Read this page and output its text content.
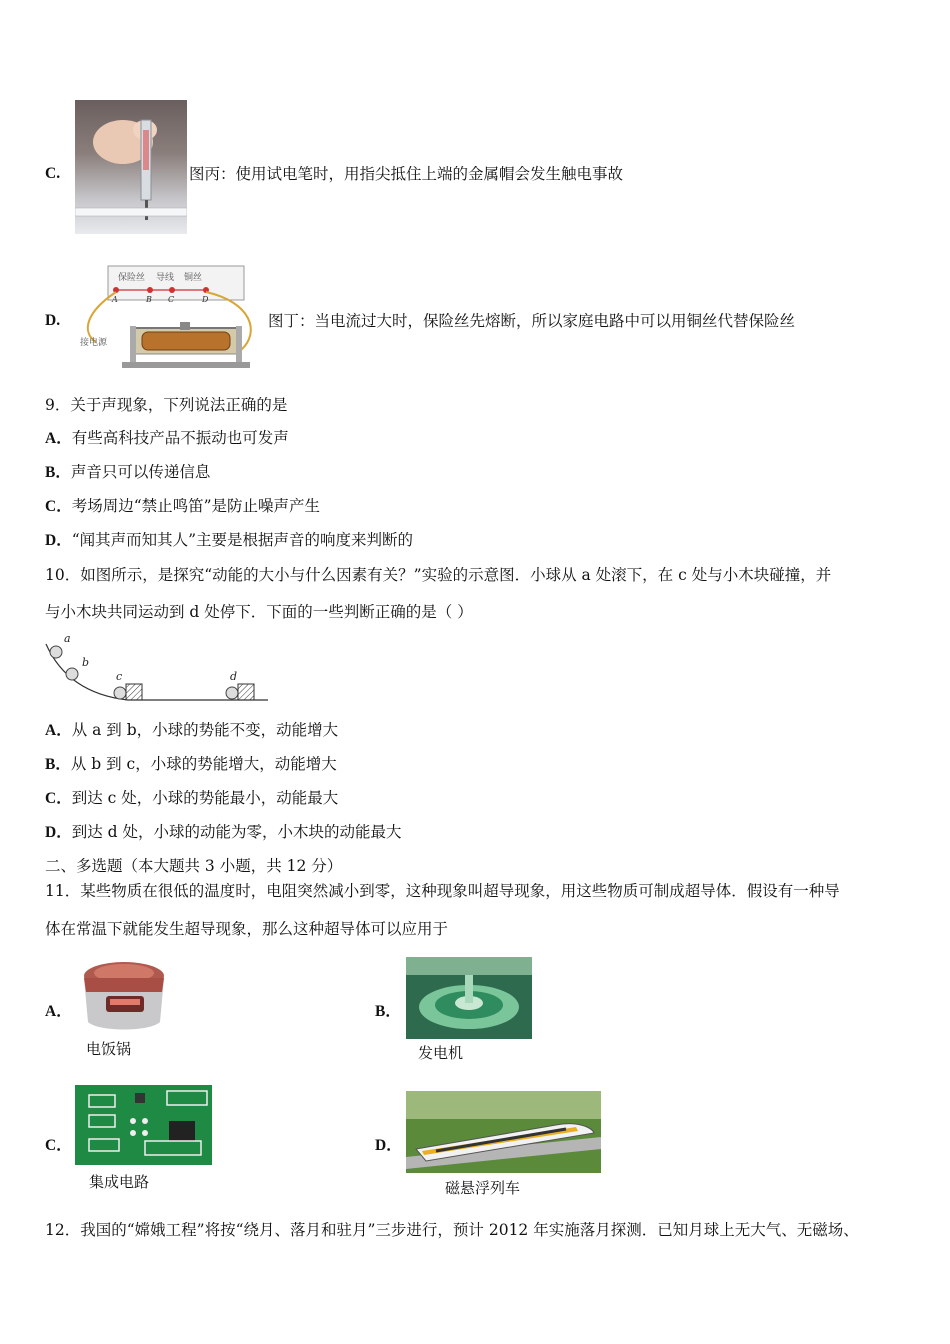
C.	图丙：使用试电笔时，用指尖抵住上端的金属帽会发生触电事故
D.
保险丝 导线 铜丝
A	B C	D
接电源
图丁：当电流过大时，保险丝先熔断，所以家庭电路中可以用铜丝代替保险丝
9．关于声现象，下列说法正确的是
A．有些高科技产品不振动也可发声
B．声音只可以传递信息
C．考场周边“禁止鸣笛”是防止噪声产生
D．“闻其声而知其人”主要是根据声音的响度来判断的
10．如图所示，是探究“动能的大小与什么因素有关？”实验的示意图．小球从 a 处滚下，在 c 处与小木块碰撞，并
与小木块共同运动到 d 处停下．下面的一些判断正确的是（ ）
a
b
c	d
A．从 a 到 b，小球的势能不变，动能增大
B．从 b 到 c，小球的势能增大，动能增大
C．到达 c 处，小球的势能最小，动能最大
D．到达 d 处，小球的动能为零，小木块的动能最大
二、多选题（本大题共 3 小题，共 12 分）
11．某些物质在很低的温度时，电阻突然减小到零，这种现象叫超导现象，用这些物质可制成超导体．假设有一种导
体在常温下就能发生超导现象，那么这种超导体可以应用于
A．
电饭锅
B．
发电机
C．
集成电路
D．
磁悬浮列车
12．我国的“嫦娥工程”将按“绕月、落月和驻月”三步进行，预计 2012 年实施落月探测．已知月球上无大气、无磁场、
